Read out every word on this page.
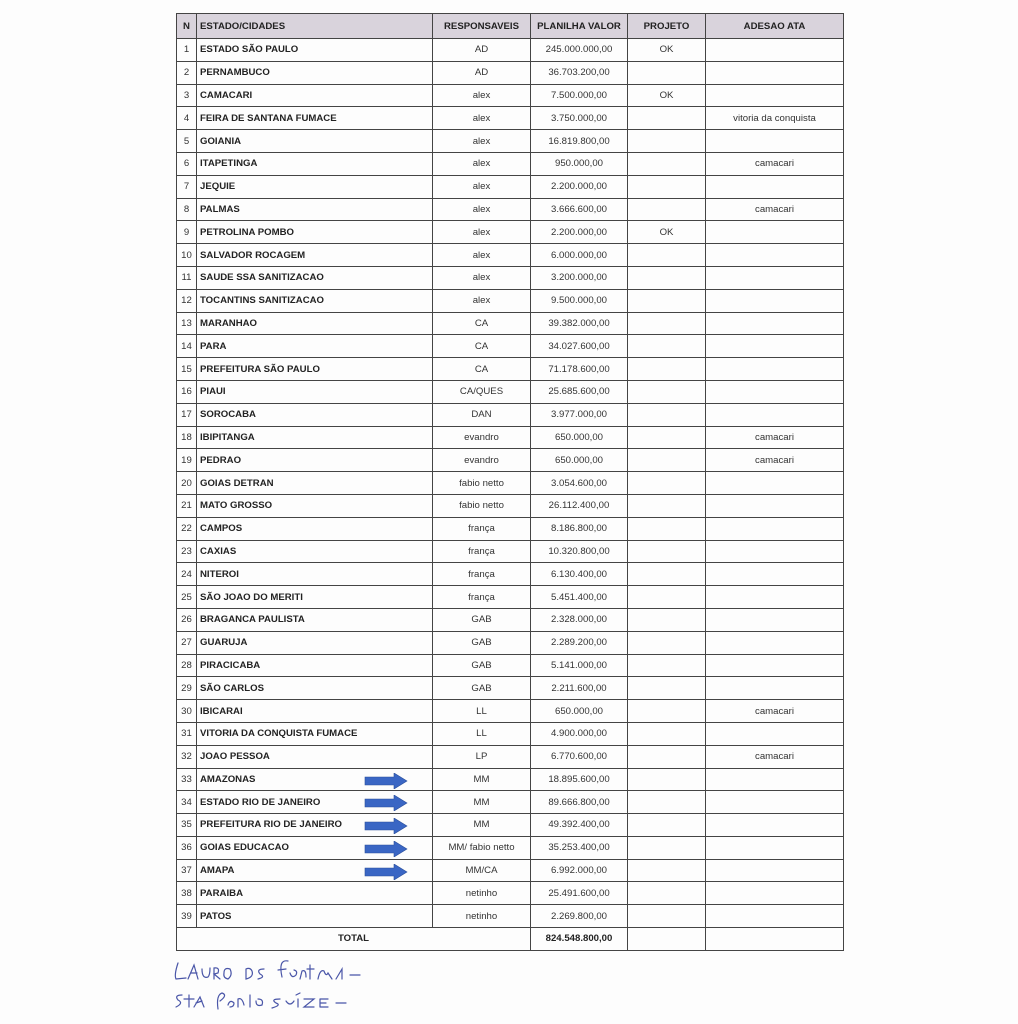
N	ESTADO/CIDADES	RESPONSAVEIS	PLANILHA VALOR	PROJETO	ADESAO ATA
1	ESTADO SÃO PAULO	AD	245.000.000,00	OK	
2	PERNAMBUCO	AD	36.703.200,00		
3	CAMACARI	alex	7.500.000,00	OK	
4	FEIRA DE SANTANA FUMACE	alex	3.750.000,00		vitoria da conquista
5	GOIANIA	alex	16.819.800,00		
6	ITAPETINGA	alex	950.000,00		camacari
7	JEQUIE	alex	2.200.000,00		
8	PALMAS	alex	3.666.600,00		camacari
9	PETROLINA POMBO	alex	2.200.000,00	OK	
10	SALVADOR ROCAGEM	alex	6.000.000,00		
11	SAUDE SSA SANITIZACAO	alex	3.200.000,00		
12	TOCANTINS SANITIZACAO	alex	9.500.000,00		
13	MARANHAO	CA	39.382.000,00		
14	PARA	CA	34.027.600,00		
15	PREFEITURA SÃO PAULO	CA	71.178.600,00		
16	PIAUI	CA/QUES	25.685.600,00		
17	SOROCABA	DAN	3.977.000,00		
18	IBIPITANGA	evandro	650.000,00		camacari
19	PEDRAO	evandro	650.000,00		camacari
20	GOIAS DETRAN	fabio netto	3.054.600,00		
21	MATO GROSSO	fabio netto	26.112.400,00		
22	CAMPOS	frança	8.186.800,00		
23	CAXIAS	frança	10.320.800,00		
24	NITEROI	frança	6.130.400,00		
25	SÃO JOAO DO MERITI	frança	5.451.400,00		
26	BRAGANCA PAULISTA	GAB	2.328.000,00		
27	GUARUJA	GAB	2.289.200,00		
28	PIRACICABA	GAB	5.141.000,00		
29	SÃO CARLOS	GAB	2.211.600,00		
30	IBICARAI	LL	650.000,00		camacari
31	VITORIA DA CONQUISTA FUMACE	LL	4.900.000,00		
32	JOAO PESSOA	LP	6.770.600,00		camacari
33	AMAZONAS	MM	18.895.600,00		
34	ESTADO RIO DE JANEIRO	MM	89.666.800,00		
35	PREFEITURA RIO DE JANEIRO	MM	49.392.400,00		
36	GOIAS EDUCACAO	MM/ fabio netto	35.253.400,00		
37	AMAPA	MM/CA	6.992.000,00		
38	PARAIBA	netinho	25.491.600,00		
39	PATOS	netinho	2.269.800,00		
TOTAL			824.548.800,00		
